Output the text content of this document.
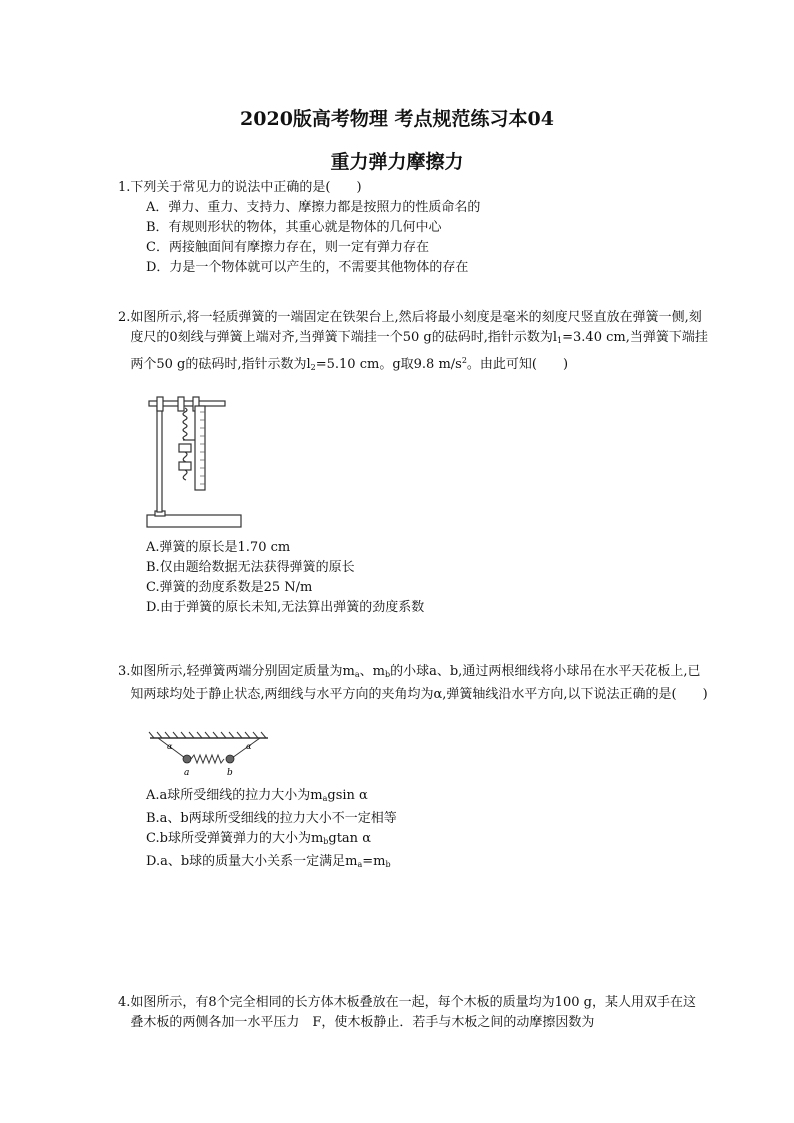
2020版高考物理 考点规范练习本04
重力弹力摩擦力
1.下列关于常见力的说法中正确的是(　　)
A．弹力、重力、支持力、摩擦力都是按照力的性质命名的
B．有规则形状的物体，其重心就是物体的几何中心
C．两接触面间有摩擦力存在，则一定有弹力存在
D．力是一个物体就可以产生的，不需要其他物体的存在
2.如图所示,将一轻质弹簧的一端固定在铁架台上,然后将最小刻度是毫米的刻度尺竖直放在弹簧一侧,刻度尺的0刻线与弹簧上端对齐,当弹簧下端挂一个50 g的砝码时,指针示数为$l_1=3.40$ cm,当弹簧下端挂两个50 g的砝码时,指针示数为$l_2=5.10$ cm。g取9.8 $m/s^2$。由此可知(　　)
A.弹簧的原长是1.70 cm
B.仅由题给数据无法获得弹簧的原长
C.弹簧的劲度系数是25 N/m
D.由于弹簧的原长未知,无法算出弹簧的劲度系数
3.如图所示,轻弹簧两端分别固定质量为$m_a$、$m_b$的小球a、b,通过两根细线将小球吊在水平天花板上,已知两球均处于静止状态,两细线与水平方向的夹角均为α,弹簧轴线沿水平方向,以下说法正确的是(　　)
α	α
a	b
A.a球所受细线的拉力大小为$m_agsin$ α
B.a、b两球所受细线的拉力大小不一定相等
C.b球所受弹簧弹力的大小为$m_bgtan$ α
D.a、b球的质量大小关系一定满足$m_a=m_b$
4.如图所示，有8个完全相同的长方体木板叠放在一起，每个木板的质量均为100 g，某人用双手在这叠木板的两侧各加一水平压力　F，使木板静止．若手与木板之间的动摩擦因数为
